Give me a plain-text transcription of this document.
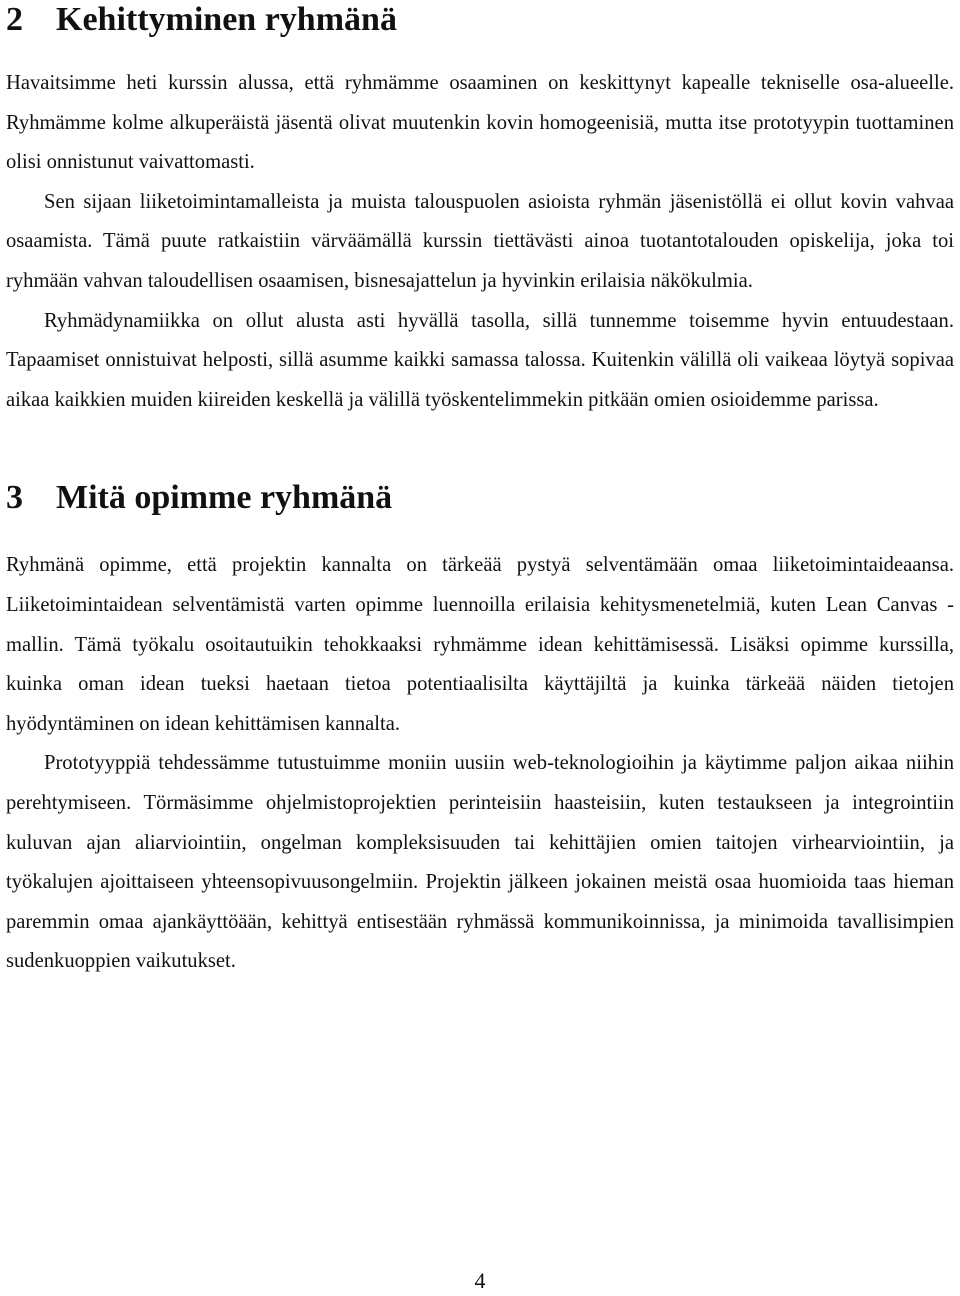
2 Kehittyminen ryhmänä

Havaitsimme heti kurssin alussa, että ryhmämme osaaminen on keskittynyt kapealle tekniselle osa-alueelle. Ryhmämme kolme alkuperäistä jäsentä olivat muutenkin kovin homogeenisiä, mutta itse prototyypin tuottaminen olisi onnistunut vaivattomasti.

Sen sijaan liiketoimintamalleista ja muista talouspuolen asioista ryhmän jäsenistöllä ei ollut kovin vahvaa osaamista. Tämä puute ratkaistiin värväämällä kurssin tiettävästi ainoa tuotantotalouden opiskelija, joka toi ryhmään vahvan taloudellisen osaamisen, bisnesajattelun ja hyvinkin erilaisia näkökulmia.

Ryhmädynamiikka on ollut alusta asti hyvällä tasolla, sillä tunnemme toisemme hyvin entuudestaan. Tapaamiset onnistuivat helposti, sillä asumme kaikki samassa talossa. Kuitenkin välillä oli vaikeaa löytyä sopivaa aikaa kaikkien muiden kiireiden keskellä ja välillä työskentelimmekin pitkään omien osioidemme parissa.

3 Mitä opimme ryhmänä

Ryhmänä opimme, että projektin kannalta on tärkeää pystyä selventämään omaa liiketoimintaideaansa. Liiketoimintaidean selventämistä varten opimme luennoilla erilaisia kehitysmenetelmiä, kuten Lean Canvas -mallin. Tämä työkalu osoitautuikin tehokkaaksi ryhmämme idean kehittämisessä. Lisäksi opimme kurssilla, kuinka oman idean tueksi haetaan tietoa potentiaalisilta käyttäjiltä ja kuinka tärkeää näiden tietojen hyödyntäminen on idean kehittämisen kannalta.

Prototyyppiä tehdessämme tutustuimme moniin uusiin web-teknologioihin ja käytimme paljon aikaa niihin perehtymiseen. Törmäsimme ohjelmistoprojektien perinteisiin haasteisiin, kuten testaukseen ja integrointiin kuluvan ajan aliarviointiin, ongelman kompleksisuuden tai kehittäjien omien taitojen virhearviointiin, ja työkalujen ajoittaiseen yhteensopivuusongelmiin. Projektin jälkeen jokainen meistä osaa huomioida taas hieman paremmin omaa ajankäyttöään, kehittyä entisestään ryhmässä kommunikoinnissa, ja minimoida tavallisimpien sudenkuoppien vaikutukset.

4
